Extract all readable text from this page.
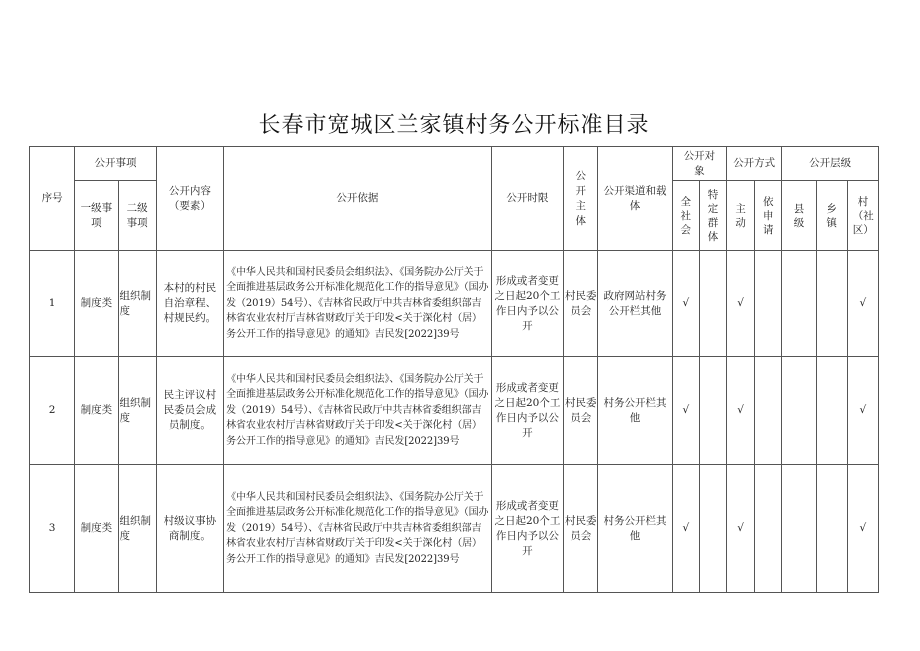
长春市宽城区兰家镇村务公开标准目录
序号	公开事项		公开内容（要素）	公开依据	公开时限	公开主体	公开渠道和载体	公开对象		公开方式		公开层级		
	一级事项	二级事项						全社会	特定群体	主动	依申请	县级	乡镇	村（社区）

1	制度类	组织制度	本村的村民自治章程、村规民约。	《中华人民共和国村民委员会组织法》、《国务院办公厅关于全面推进基层政务公开标准化规范化工作的指导意见》（国办发（2019）54号）、《吉林省民政厅中共吉林省委组织部吉林省农业农村厅吉林省财政厅关于印发<关于深化村（居）务公开工作的指导意见》的通知》吉民发[2022]39号	形成或者变更之日起20个工作日内予以公开	村民委员会	政府网站村务公开栏其他	√		√				√
2	制度类	组织制度	民主评议村民委员会成员制度。	《中华人民共和国村民委员会组织法》、《国务院办公厅关于全面推进基层政务公开标准化规范化工作的指导意见》（国办发（2019）54号）、《吉林省民政厅中共吉林省委组织部吉林省农业农村厅吉林省财政厅关于印发<关于深化村（居）务公开工作的指导意见》的通知》吉民发[2022]39号	形成或者变更之日起20个工作日内予以公开	村民委员会	村务公开栏其他	√		√				√
3	制度类	组织制度	村级议事协商制度。	《中华人民共和国村民委员会组织法》、《国务院办公厅关于全面推进基层政务公开标准化规范化工作的指导意见》（国办发（2019）54号）、《吉林省民政厅中共吉林省委组织部吉林省农业农村厅吉林省财政厅关于印发<关于深化村（居）务公开工作的指导意见》的通知》吉民发[2022]39号	形成或者变更之日起20个工作日内予以公开	村民委员会	村务公开栏其他	√		√				√
